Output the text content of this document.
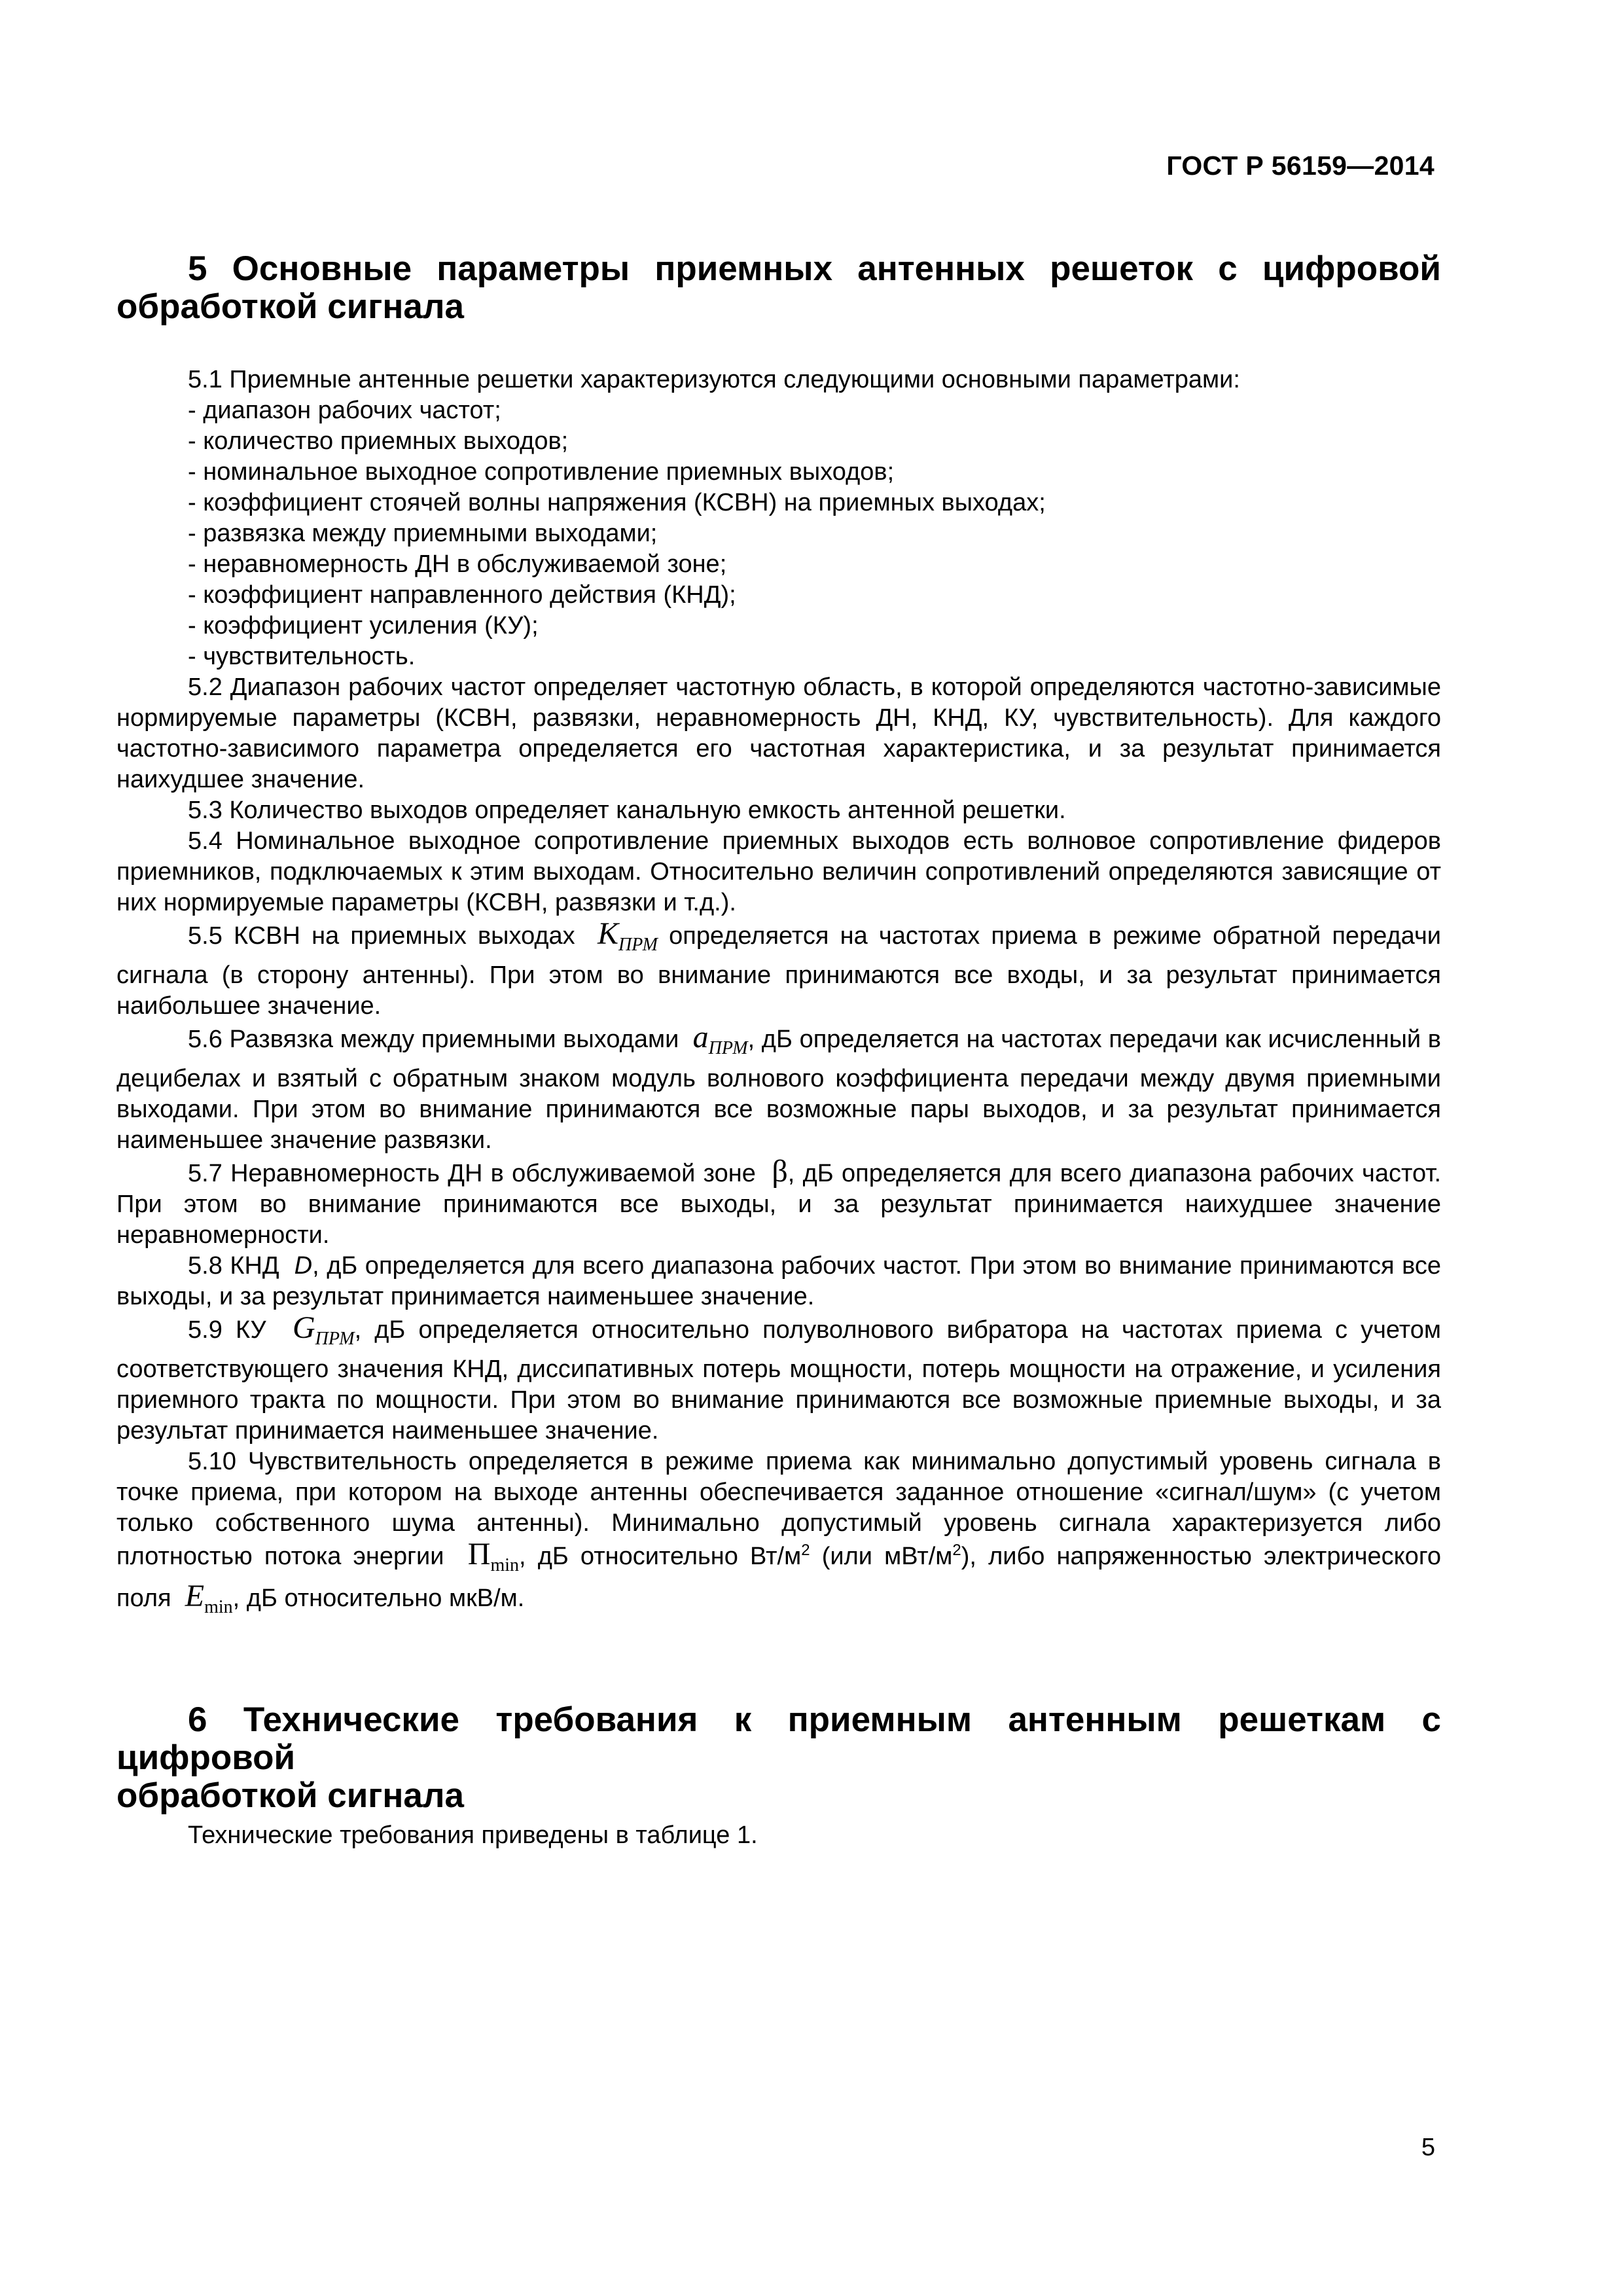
ГОСТ Р 56159—2014
5 Основные параметры приемных антенных решеток с цифровой
обработкой сигнала

5.1 Приемные антенные решетки характеризуются следующими основными параметрами:

- диапазон рабочих частот;

- количество приемных выходов;

- номинальное выходное сопротивление приемных выходов;

- коэффициент стоячей волны напряжения (КСВН) на приемных выходах;

- развязка между приемными выходами;

- неравномерность ДН в обслуживаемой зоне;

- коэффициент направленного действия (КНД);

- коэффициент усиления (КУ);

- чувствительность.

5.2 Диапазон рабочих частот определяет частотную область, в которой определяются частотно-зависимые нормируемые параметры (КСВН, развязки, неравномерность ДН, КНД, КУ, чувствительность). Для каждого частотно-зависимого параметра определяется его частотная характеристика, и за результат принимается наихудшее значение.

5.3 Количество выходов определяет канальную емкость антенной решетки.

5.4 Номинальное выходное сопротивление приемных выходов есть волновое сопротивление фидеров приемников, подключаемых к этим выходам. Относительно величин сопротивлений определяются зависящие от них нормируемые параметры (КСВН, развязки и т.д.).

5.5 КСВН на приемных выходах $K_{ПРМ}$ определяется на частотах приема в режиме обратной передачи сигнала (в сторону антенны). При этом во внимание принимаются все входы, и за результат принимается наибольшее значение.

5.6 Развязка между приемными выходами $a_{ПРМ}$, дБ определяется на частотах передачи как исчисленный в децибелах и взятый с обратным знаком модуль волнового коэффициента передачи между двумя приемными выходами. При этом во внимание принимаются все возможные пары выходов, и за результат принимается наименьшее значение развязки.

5.7 Неравномерность ДН в обслуживаемой зоне β, дБ определяется для всего диапазона рабочих частот. При этом во внимание принимаются все выходы, и за результат принимается наихудшее значение неравномерности.

5.8 КНД  D, дБ определяется для всего диапазона рабочих частот. При этом во внимание принимаются все выходы, и за результат принимается наименьшее значение.

5.9 КУ  $G_{ПРМ}$, дБ определяется относительно полуволнового вибратора на частотах приема с учетом соответствующего значения КНД, диссипативных потерь мощности, потерь мощности на отражение, и усиления приемного тракта по мощности. При этом во внимание принимаются все возможные приемные выходы, и за результат принимается наименьшее значение.

5.10 Чувствительность определяется в режиме приема как минимально допустимый уровень сигнала в точке приема, при котором на выходе антенны обеспечивается заданное отношение «сигнал/шум» (с учетом только собственного шума антенны). Минимально допустимый уровень сигнала характеризуется либо плотностью потока энергии $\Pi_{min}$, дБ относительно $Вт/м^2$ (или мВт/$м^2$), либо напряженностью электрического поля $E_{min}$, дБ относительно мкВ/м.

6 Технические требования к приемным антенным решеткам с цифровой
обработкой сигнала
Технические требования приведены в таблице 1.
5
